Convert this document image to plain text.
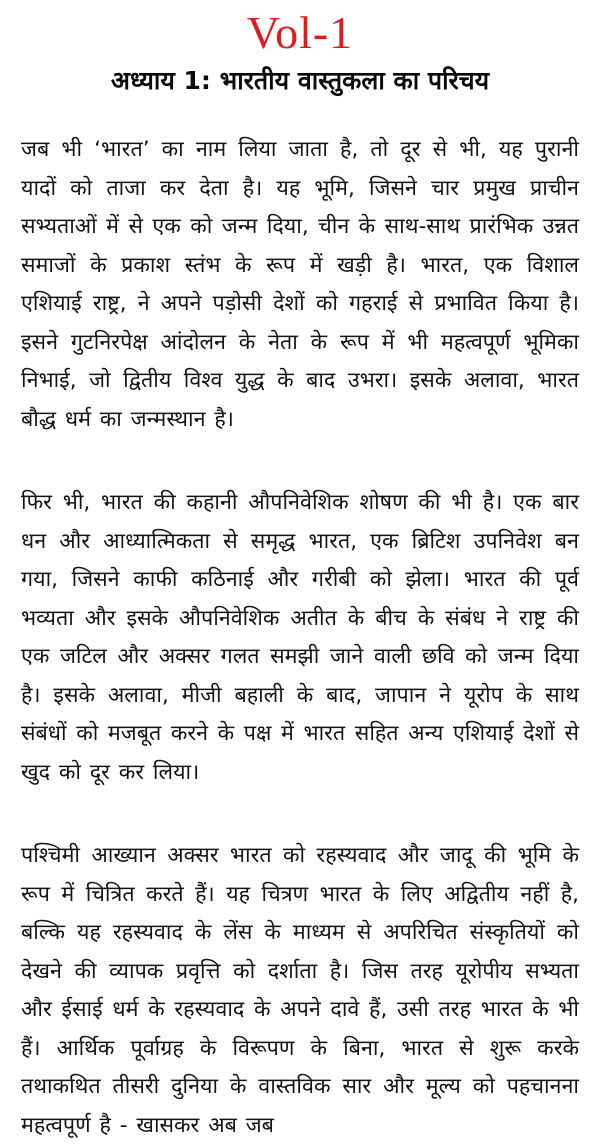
Vol-1
अध्याय 1: भारतीय वास्तुकला का परिचय

जब भी ‘भारत’ का नाम लिया जाता है, तो दूर से भी, यह पुरानी यादों को ताजा कर देता है। यह भूमि, जिसने चार प्रमुख प्राचीन सभ्यताओं में से एक को जन्म दिया, चीन के साथ-साथ प्रारंभिक उन्नत समाजों के प्रकाश स्तंभ के रूप में खड़ी है। भारत, एक विशाल एशियाई राष्ट्र, ने अपने पड़ोसी देशों को गहराई से प्रभावित किया है। इसने गुटनिरपेक्ष आंदोलन के नेता के रूप में भी महत्वपूर्ण भूमिका निभाई, जो द्वितीय विश्व युद्ध के बाद उभरा। इसके अलावा, भारत बौद्ध धर्म का जन्मस्थान है।

फिर भी, भारत की कहानी औपनिवेशिक शोषण की भी है। एक बार धन और आध्यात्मिकता से समृद्ध भारत, एक ब्रिटिश उपनिवेश बन गया, जिसने काफी कठिनाई और गरीबी को झेला। भारत की पूर्व भव्यता और इसके औपनिवेशिक अतीत के बीच के संबंध ने राष्ट्र की एक जटिल और अक्सर गलत समझी जाने वाली छवि को जन्म दिया है। इसके अलावा, मीजी बहाली के बाद, जापान ने यूरोप के साथ संबंधों को मजबूत करने के पक्ष में भारत सहित अन्य एशियाई देशों से खुद को दूर कर लिया।

पश्चिमी आख्यान अक्सर भारत को रहस्यवाद और जादू की भूमि के रूप में चित्रित करते हैं। यह चित्रण भारत के लिए अद्वितीय नहीं है, बल्कि यह रहस्यवाद के लेंस के माध्यम से अपरिचित संस्कृतियों को देखने की व्यापक प्रवृत्ति को दर्शाता है। जिस तरह यूरोपीय सभ्यता और ईसाई धर्म के रहस्यवाद के अपने दावे हैं, उसी तरह भारत के भी हैं। आर्थिक पूर्वाग्रह के विरूपण के बिना, भारत से शुरू करके तथाकथित तीसरी दुनिया के वास्तविक सार और मूल्य को पहचानना महत्वपूर्ण है - खासकर अब जब
